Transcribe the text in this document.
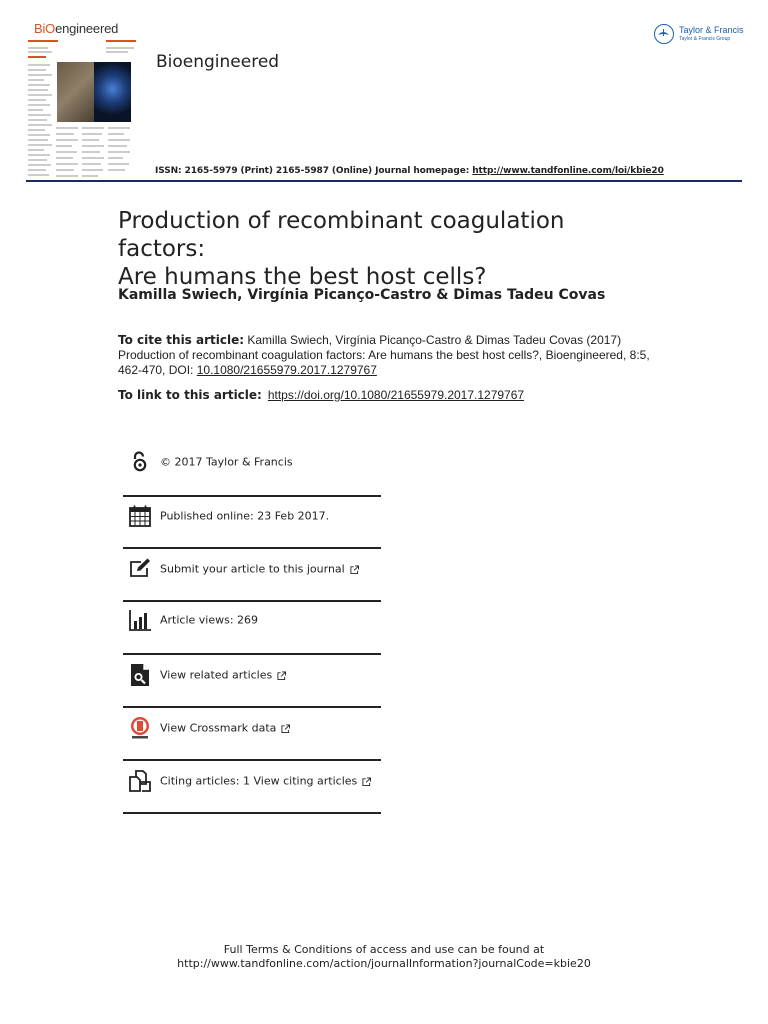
BiOengineered
Bioengineered
ISSN: 2165-5979 (Print) 2165-5987 (Online) Journal homepage: http://www.tandfonline.com/loi/kbie20
Taylor & Francis
Taylor & Francis Group
Production of recombinant coagulation factors:
Are humans the best host cells?
Kamilla Swiech, Virgínia Picanço-Castro & Dimas Tadeu Covas
To cite this article: Kamilla Swiech, Virgínia Picanço-Castro & Dimas Tadeu Covas (2017) Production of recombinant coagulation factors: Are humans the best host cells?, Bioengineered, 8:5, 462-470, DOI: 10.1080/21655979.2017.1279767
To link to this article: https://doi.org/10.1080/21655979.2017.1279767
© 2017 Taylor & Francis
Published online: 23 Feb 2017.
Submit your article to this journal
Article views: 269
View related articles
View Crossmark data
Citing articles: 1 View citing articles
Full Terms & Conditions of access and use can be found at
http://www.tandfonline.com/action/journalInformation?journalCode=kbie20
